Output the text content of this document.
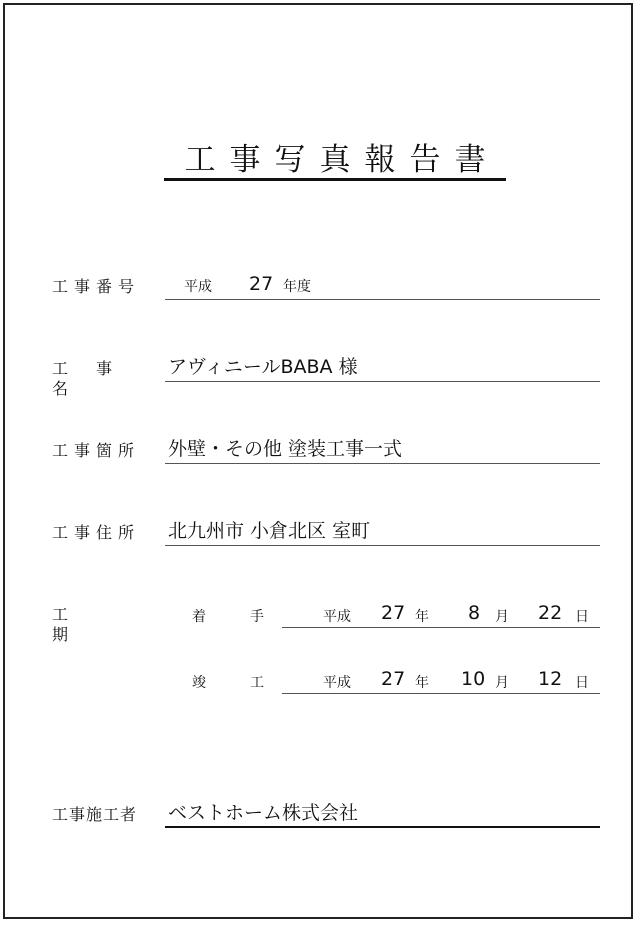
工事写真報告書
工事番号	平成 27 年度
工事名
アヴィニールBABA 様
工事箇所 外壁・その他 塗装工事一式
工事住所 北九州市 小倉北区 室町
工期
着手 平成 27 年 8 月 22 日
竣工 平成 27 年 10 月 12 日
工事施工者 ベストホーム株式会社
